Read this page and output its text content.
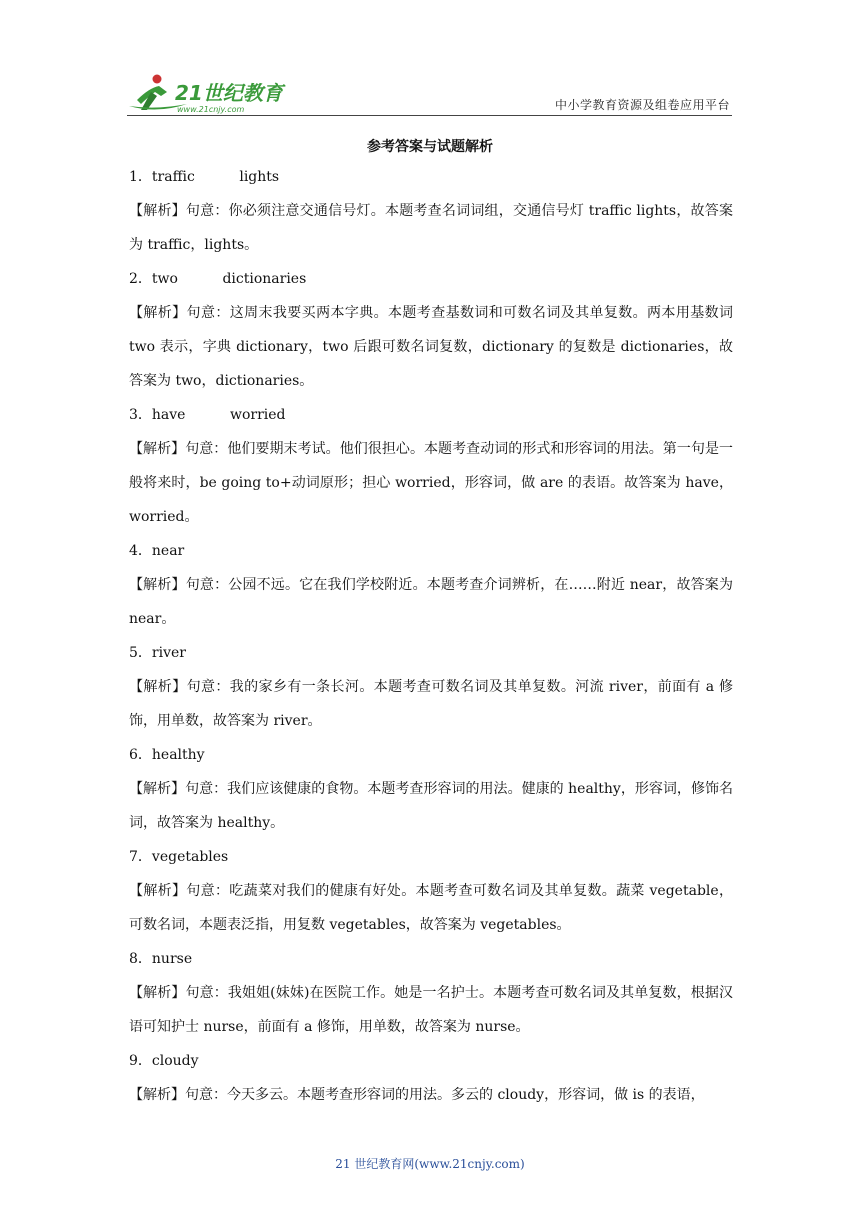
21世纪教育
www.21cnjy.com	中小学教育资源及组卷应用平台
参考答案与试题解析

1．traffic          lights

【解析】句意：你必须注意交通信号灯。本题考查名词词组，交通信号灯 traffic lights，故答案为 traffic，lights。

2．two          dictionaries

【解析】句意：这周末我要买两本字典。本题考查基数词和可数名词及其单复数。两本用基数词 two 表示，字典 dictionary，two 后跟可数名词复数，dictionary 的复数是 dictionaries，故答案为 two，dictionaries。

3．have          worried

【解析】句意：他们要期末考试。他们很担心。本题考查动词的形式和形容词的用法。第一句是一般将来时，be going to+动词原形；担心 worried，形容词，做 are 的表语。故答案为 have，worried。

4．near

【解析】句意：公园不远。它在我们学校附近。本题考查介词辨析，在……附近 near，故答案为 near。

5．river

【解析】句意：我的家乡有一条长河。本题考查可数名词及其单复数。河流 river，前面有 a 修饰，用单数，故答案为 river。

6．healthy

【解析】句意：我们应该健康的食物。本题考查形容词的用法。健康的 healthy，形容词，修饰名词，故答案为 healthy。

7．vegetables

【解析】句意：吃蔬菜对我们的健康有好处。本题考查可数名词及其单复数。蔬菜 vegetable，可数名词，本题表泛指，用复数 vegetables，故答案为 vegetables。

8．nurse

【解析】句意：我姐姐(妹妹)在医院工作。她是一名护士。本题考查可数名词及其单复数，根据汉语可知护士 nurse，前面有 a 修饰，用单数，故答案为 nurse。

9．cloudy

【解析】句意：今天多云。本题考查形容词的用法。多云的 cloudy，形容词，做 is 的表语，

21 世纪教育网(www.21cnjy.com)
